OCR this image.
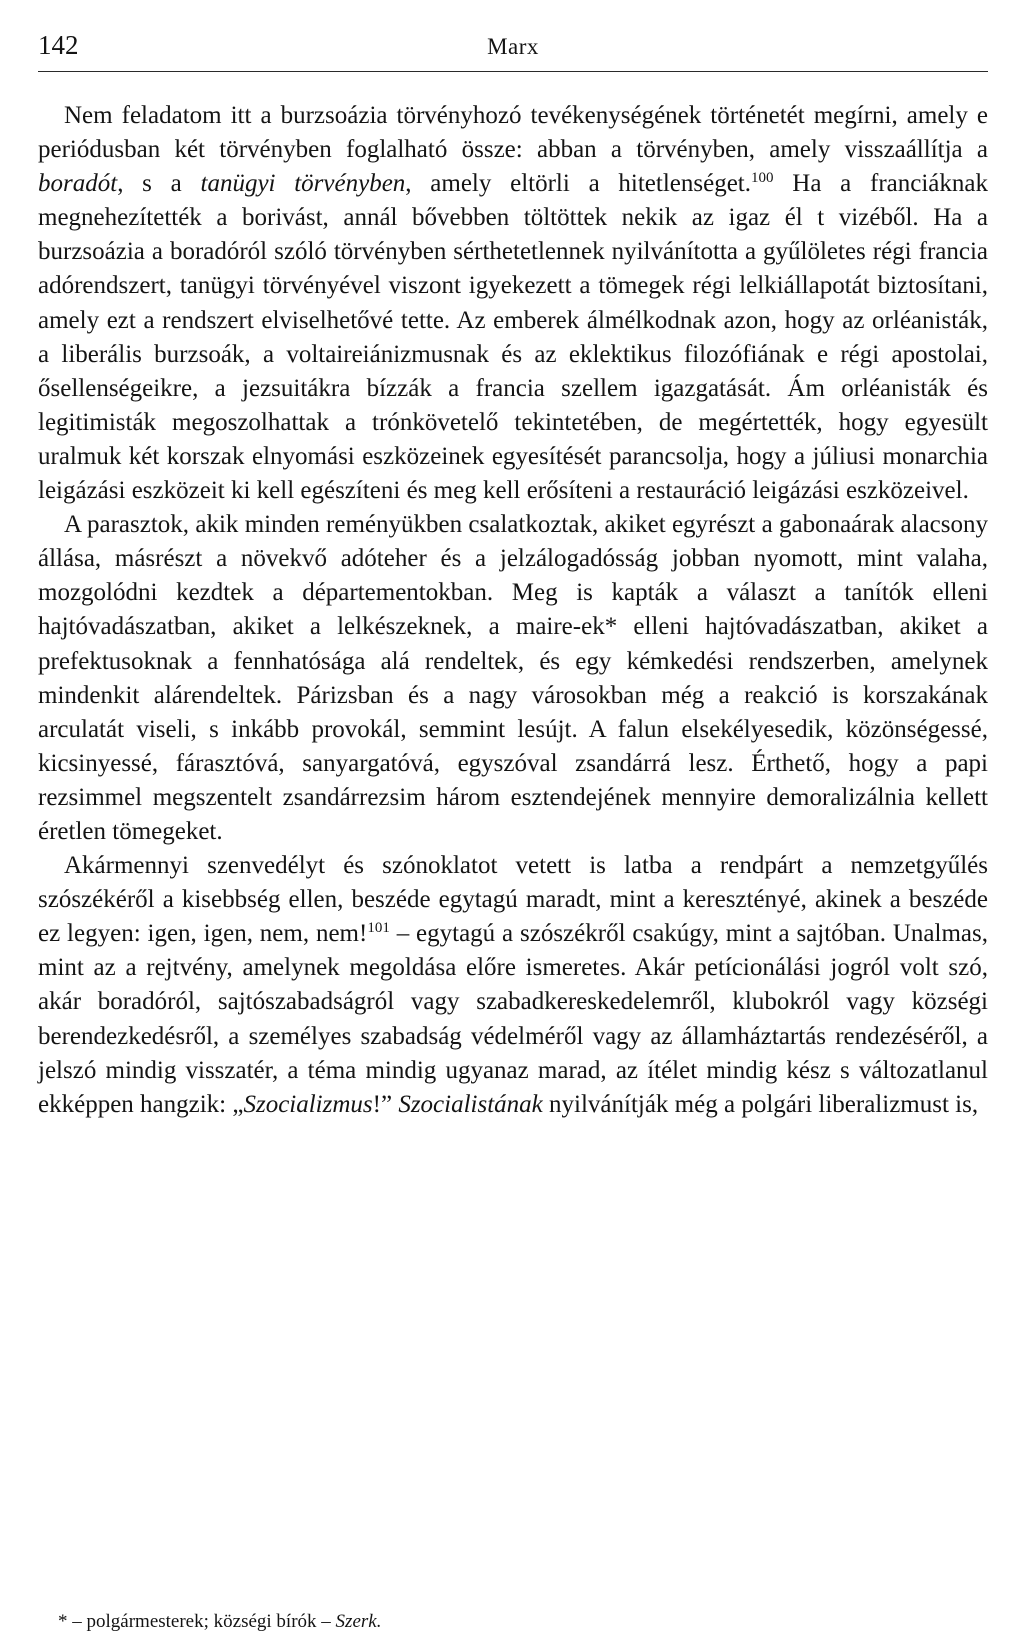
142	Marx

Nem feladatom itt a burzsoázia törvényhozó tevékenységének történetét megírni, amely e periódusban két törvényben foglalható össze: abban a törvényben, amely visszaállítja a boradót, s a tanügyi törvényben, amely eltörli a hitetlenséget.$^{100}$ Ha a franciáknak megnehezítették a borivást, annál bővebben töltöttek nekik az igaz él t vizéből. Ha a burzsoázia a boradóról szóló törvényben sérthetetlennek nyilvánította a gyűlöletes régi francia adórendszert, tanügyi törvényével viszont igyekezett a tömegek régi lelkiállapotát biztosítani, amely ezt a rendszert elviselhetővé tette. Az emberek álmélkodnak azon, hogy az orléanisták, a liberális burzsoák, a voltaireiánizmusnak és az eklektikus filozófiának e régi apostolai, ősellenségeikre, a jezsuitákra bízzák a francia szellem igazgatását. Ám orléanisták és legitimisták megoszolhattak a trónkövetelő tekintetében, de megértették, hogy egyesült uralmuk két korszak elnyomási eszközeinek egyesítését parancsolja, hogy a júliusi monarchia leigázási eszközeit ki kell egészíteni és meg kell erősíteni a restauráció leigázási eszközeivel.

A parasztok, akik minden reményükben csalatkoztak, akiket egyrészt a gabonaárak alacsony állása, másrészt a növekvő adóteher és a jelzálogadósság jobban nyomott, mint valaha, mozgolódni kezdtek a départementokban. Meg is kapták a választ a tanítók elleni hajtóvadászatban, akiket a lelkészeknek, a maire-ek* elleni hajtóvadászatban, akiket a prefektusoknak a fennhatósága alá rendeltek, és egy kémkedési rendszerben, amelynek mindenkit alárendeltek. Párizsban és a nagy városokban még a reakció is korszakának arculatát viseli, s inkább provokál, semmint lesújt. A falun elsekélyesedik, közönségessé, kicsinyessé, fárasztóvá, sanyargatóvá, egyszóval zsandárrá lesz. Érthető, hogy a papi rezsimmel megszentelt zsandárrezsim három esztendejének mennyire demoralizálnia kellett éretlen tömegeket.

Akármennyi szenvedélyt és szónoklatot vetett is latba a rendpárt a nemzetgyűlés szószékéről a kisebbség ellen, beszéde egytagú maradt, mint a keresztényé, akinek a beszéde ez legyen: igen, igen, nem, nem!$^{101}$ – egytagú a szószékről csakúgy, mint a sajtóban. Unalmas, mint az a rejtvény, amelynek megoldása előre ismeretes. Akár petícionálási jogról volt szó, akár boradóról, sajtószabadságról vagy szabadkereskedelemről, klubokról vagy községi berendezkedésről, a személyes szabadság védelméről vagy az államháztartás rendezéséről, a jelszó mindig visszatér, a téma mindig ugyanaz marad, az ítélet mindig kész s változatlanul ekképpen hangzik: „Szocializmus!” Szocialistának nyilvánítják még a polgári liberalizmust is,

* – polgármesterek; községi bírók – Szerk.
